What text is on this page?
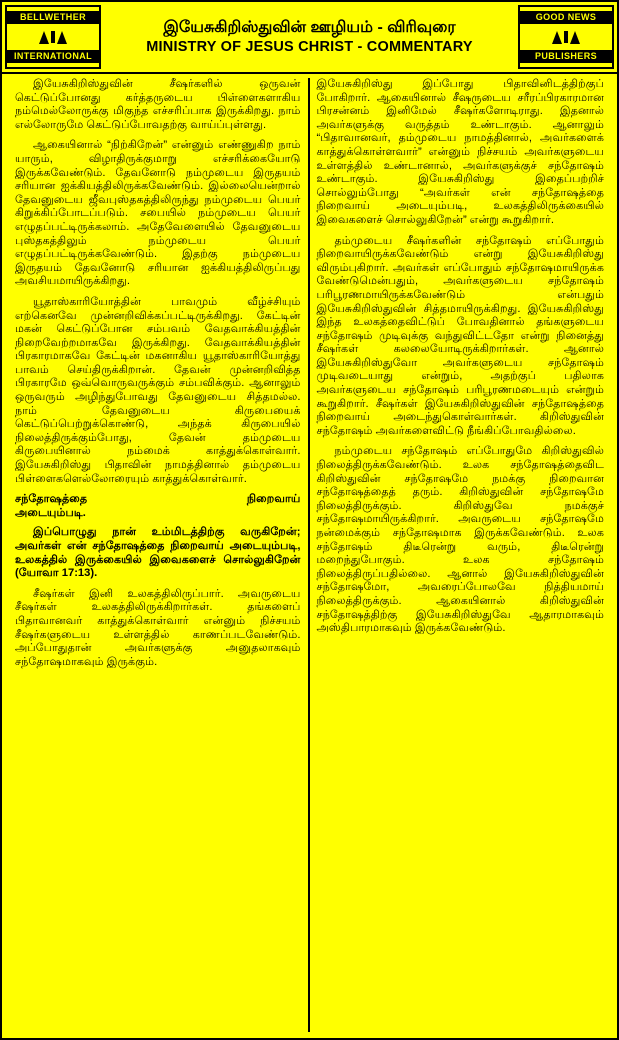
BELLWETHER
INTERNATIONAL
இயேசுகிறிஸ்துவின் ஊழியம் - விரிவுரை
MINISTRY OF JESUS CHRIST - COMMENTARY
GOOD NEWS
PUBLISHERS

இயேசுகிறிஸ்துவின் சீஷர்களில் ஒருவன் கெட்டுப்போனது கர்த்தருடைய பிள்ளைகளாகிய நம்மெல்லோருக்கு மிகுந்த எச்சரிப்பாக இருக்கிறது. நாம் எல்லோருமே கெட்டுப்போவதற்கு வாய்ப்புள்ளது.

ஆகையினால் “நிற்கிறேன்” என்னும் எண்ணுகிற நாம் யாரும், விழாதிருக்குமாறு எச்சரிக்கையோடு இருக்கவேண்டும். தேவனோடு நம்முடைய இருதயம் சரியான ஐக்கியத்திலிருக்கவேண்டும். இல்லையென்றால் தேவனுடைய ஜீவபுஸ்தகத்திலிருந்து நம்முடைய பெயர் கிறுக்கிப்போடப்படும். சபையில் நம்முடைய பெயர் எழுதப்பட்டிருக்கலாம். அதேவேளையில் தேவனுடைய புஸ்தகத்திலும் நம்முடைய பெயர் எழுதப்பட்டிருக்கவேண்டும். இதற்கு நம்முடைய இருதயம் தேவனோடு சரியான ஐக்கியத்திலிருப்பது அவசியமாயிருக்கிறது.

யூதாஸ்காரியோத்தின் பாவமும் வீழ்ச்சியும் எற்கெனவே முன்னறிவிக்கப்பட்டிருக்கிறது. கேட்டின் மகன் கெட்டுப்போன சம்பவம் வேதவாக்கியத்தின் நிறைவேற்றமாகவே இருக்கிறது. வேதவாக்கியத்தின் பிரகாரமாகவே கேட்டின் மகனாகிய யூதாஸ்காரியோத்து பாவம் செய்திருக்கிறான். தேவன் முன்னறிவித்த பிரகாரமே ஒவ்வொருவருக்கும் சம்பவிக்கும். ஆனாலும் ஒருவரும் அழிந்துபோவது தேவனுடைய சித்தமல்ல. நாம் தேவனுடைய கிருபையைக் கெட்டுப்பெற்றுக்கொண்டு, அந்தக் கிருபையில் நிலைத்திருக்கும்போது, தேவன் தம்முடைய கிருபையினால் நம்மைக் காத்துக்கொள்வார். இயேசுகிறிஸ்து பிதாவின் நாமத்தினால் தம்முடைய பிள்ளைகளெல்லோரையும் காத்துக்கொள்வார்.

சந்தோஷத்தை	நிறைவாய்
அடையும்படி.

இப்பொழுது நான் உம்மிடத்திற்கு வருகிறேன்; அவர்கள் என் சந்தோஷத்தை நிறைவாய் அடையும்படி, உலகத்தில் இருக்கையில் இவைகளைச் சொல்லுகிறேன் (யோவா 17:13).

சீஷர்கள் இனி உலகத்திலிருப்பார். அவருடைய சீஷர்கள் உலகத்திலிருக்கிறார்கள். தங்களைப் பிதாவானவர் காத்துக்கொள்வார் என்னும் நிச்சயம் சீஷர்களுடைய உள்ளத்தில் காணப்படவேண்டும். அப்போதுதான் அவர்களுக்கு அனுதலாகவும் சந்தோஷமாகவும் இருக்கும்.

இயேசுகிறிஸ்து இப்போது பிதாவினிடத்திற்குப் போகிறார். ஆகையினால் சீஷருடைய சரீரப்பிரகாரமான பிரசன்னம் இனிமேல் சீஷர்களோடிராது. இதனால் அவர்களுக்கு வருத்தம் உண்டாகும். ஆனாலும் “பிதாவானவர், தம்முடைய நாமத்தினால், அவர்களைக் காத்துக்கொள்ளவார்” என்னும் நிச்சயம் அவர்களுடைய உள்ளத்தில் உண்டானால், அவர்களுக்குச் சந்தோஷம் உண்டாகும். இயேசுகிறிஸ்து இதைப்பற்றிச் சொல்லும்போது “அவர்கள் என் சந்தோஷத்தை நிறைவாய் அடையும்படி, உலகத்திலிருக்கையில் இவைகளைச் சொல்லுகிறேன்” என்று கூறுகிறார்.

தம்முடைய சீஷர்களின் சந்தோஷம் எப்போதும் நிறைவாயிருக்கவேண்டும் என்று இயேசுகிறிஸ்து விரும்புகிறார். அவர்கள் எப்போதும் சந்தோஷமாயிருக்க வேண்டுமென்பதும், அவர்களுடைய சந்தோஷம் பரிபூரணமாயிருக்கவேண்டும் என்பதும் இயேசுகிறிஸ்துவின் சித்தமாயிருக்கிறது. இயேசுகிறிஸ்து இந்த உலகத்தைவிட்டுப் போவதினால் தங்களுடைய சந்தோஷம் முடிவுக்கு வந்துவிட்டதோ என்று நினைத்து சீஷர்கள் கலலையோடிருக்கிறார்கள். ஆனால் இயேசுகிறிஸ்துவோ அவர்களுடைய சந்தோஷம் முடிவடையாது என்றும், அதற்குப் பதிலாக அவர்களுடைய சந்தோஷம் பரிபூரணமடையும் என்றும் கூறுகிறார். சீஷர்கள் இயேசுகிறிஸ்துவின் சந்தோஷத்தை நிறைவாய் அடைந்துகொள்வார்கள். கிறிஸ்துவின் சந்தோஷம் அவர்களைவிட்டு நீங்கிப்போவதில்லை.

நம்முடைய சந்தோஷம் எப்போதுமே கிறிஸ்துவில் நிலைத்திருக்கவேண்டும். உலக சந்தோஷத்தைவிட கிறிஸ்துவின் சந்தோஷமே நமக்கு நிறைவான சந்தோஷத்தைத் தரும். கிறிஸ்துவின் சந்தோஷமே நிலைத்திருக்கும். கிறிஸ்துவே நமக்குச் சந்தோஷமாயிருக்கிறார். அவருடைய சந்தோஷமே நன்மைக்கும் சந்தோஷமாக இருக்கவேண்டும். உலக சந்தோஷம் திடீரென்று வரும், திடீரென்று மறைந்துபோகும். உலக சந்தோஷம் நிலைத்திருப்பதில்லை. ஆனால் இயேசுகிறிஸ்துவின் சந்தோஷமோ, அவரைப்போலவே நித்தியமாய் நிலைத்திருக்கும். ஆகையினால் கிறிஸ்துவின் சந்தோஷத்திற்கு இயேசுகிறிஸ்துவே ஆதாரமாகவும் அஸ்திபாரமாகவும் இருக்கவேண்டும்.
